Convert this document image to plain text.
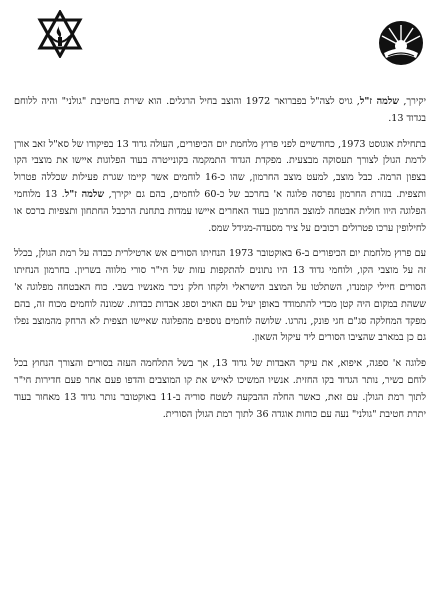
יקירך, שלמה ז"ל, גויס לצה"ל בפברואר 1972 והוצב בחיל הרגלים. הוא שירת בחטיבת "גולני" והיה ללוחם בגדוד 13.

בתחילת אוגוסט 1973, כחודשיים לפני פרוץ מלחמת יום הכיפורים, העולה גדוד 13 בפיקודו של סא"ל זאב אורן לרמת הגולן לצורך תעסוקה מבצעית. מפקדת הגדוד התמקמה בקונייטרה בעוד הפלוגות איישו את מוצבי הקו בצפון הרמה. כבל מוצב, למעט מוצב החרמון, שהו כ-16 לוחמים אשר קיימו שגרת פעילות שכללה פטרול ותצפית. בגזרת החרמון נפרסה פלוגה א' בחרכב של כ-60 לוחמים, בהם גם יקירך, שלמה ז"ל. 13 מלוחמי הפלוגה היוו חולית אבטחה למוצב החרמון בעוד האחרים איישו עמדות בתחנת הרכבל החתחון ותצפיות ברכס או לחילופין ערכו פטרולים רכובים על ציר מסעדה-מגידל שמס.

עם פרוץ מלחמת יום הכיפורים ב-6 באוקטובר 1973 הנחיתו הסורים אש ארטילרית כבדה על רמת הגולן, בכלל זה על מוצבי הקו, ולוחמי גדוד 13 היו נתונים להתקפות עזות של חי"ר סורי מלווה בשריון. בחרמון הנחיתו הסורים חיילי קומנדו, השתלטו על המוצב הישראלי ולקחו חלק ניכר מאנשיו בשבי. כוח האבטחה מפלוגה א' ששהת במקום היה קטן מכדי להתמודד באופן יעיל עם האויב וספג אבדות כבדות. שמונה לוחמים מכוח זה, בהם מפקד המחלקה סג"ם חגי פונק, נהרגו. שלושה לוחמים נוספים מהפלוגה שאיישו תצפית לא הרחק מהמוצב נפלו גם כן במארב שהציבו הסורים ליד עיקול השאון.

פלוגה א' ספגה, איפוא, את עיקר האבדות של גדוד 13, אך בשל התלחמה העזה בסורים והצורך הנחוץ בכל לוחם כשיר, נותר הגדוד בקו החזית. אנשיו המשיכו לאייש את קו המוצבים והדפו פעם אחר פעם חדירות חי"ר לתוך רמת הגולן. עם זאת, כאשר החלה ההבקעה לשטח סוריה ב-11 באוקטובר נותר גדוד 13 מאחור בעוד יתרת חטיבת "גולני" נעה עם כוחות אוגדה 36 לתוך רמת הגולן הסורית.
